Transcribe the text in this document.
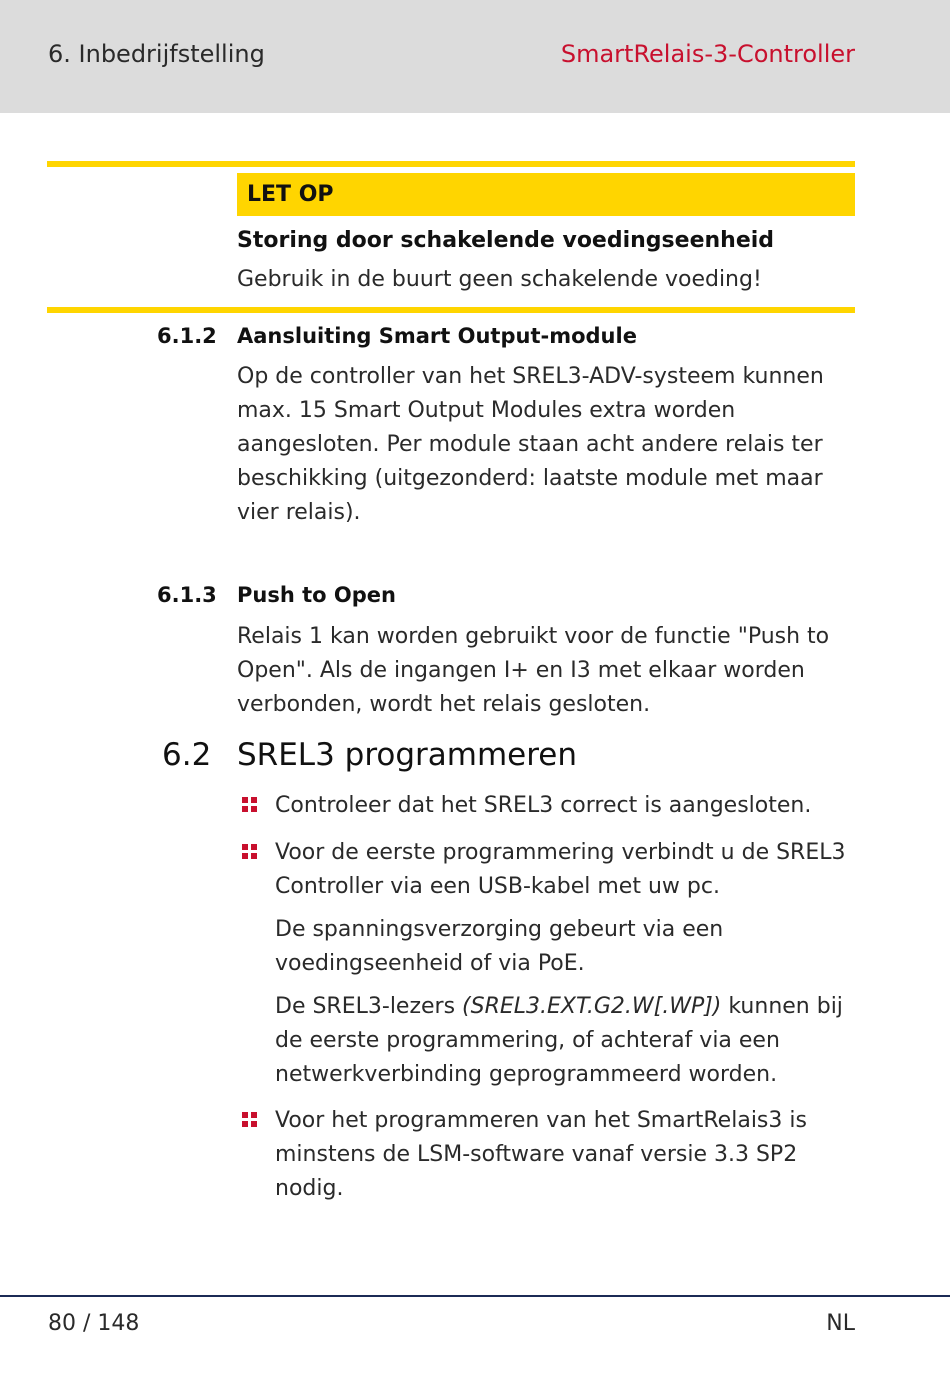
6. Inbedrijfstelling	SmartRelais-3-Controller
LET OP
Storing door schakelende voedingseenheid
Gebruik in de buurt geen schakelende voeding!
6.1.2 Aansluiting Smart Output-module
Op de controller van het SREL3-ADV-systeem kunnen max. 15 Smart Output Modules extra worden aangesloten. Per module staan acht andere relais ter beschikking (uitgezonderd: laatste module met maar vier relais).
6.1.3 Push to Open
Relais 1 kan worden gebruikt voor de functie "Push to Open". Als de ingangen I+ en I3 met elkaar worden verbonden, wordt het relais gesloten.
6.2 SREL3 programmeren
Controleer dat het SREL3 correct is aangesloten.
Voor de eerste programmering verbindt u de SREL3 Controller via een USB-kabel met uw pc.
De spanningsverzorging gebeurt via een voedingseenheid of via PoE.
De SREL3-lezers (SREL3.EXT.G2.W[.WP]) kunnen bij de eerste programmering, of achteraf via een netwerkverbinding geprogrammeerd worden.
Voor het programmeren van het SmartRelais3 is minstens de LSM-software vanaf versie 3.3 SP2 nodig.
80 / 148	NL
